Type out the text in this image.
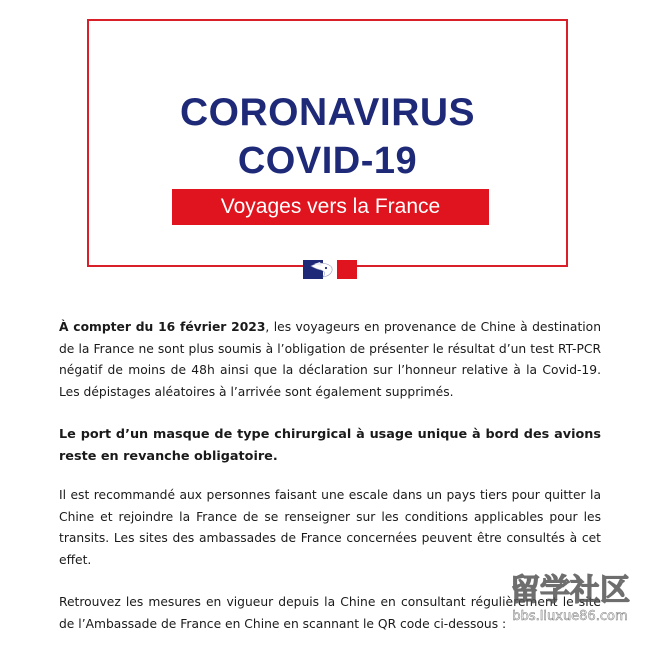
CORONAVIRUS
COVID-19
Voyages vers la France

À compter du 16 février 2023, les voyageurs en provenance de Chine à destination de la France ne sont plus soumis à l’obligation de présenter le résultat d’un test RT-PCR négatif de moins de 48h ainsi que la déclaration sur l’honneur relative à la Covid-19. Les dépistages aléatoires à l’arrivée sont également supprimés.

Le port d’un masque de type chirurgical à usage unique à bord des avions reste en revanche obligatoire.

Il est recommandé aux personnes faisant une escale dans un pays tiers pour quitter la Chine et rejoindre la France de se renseigner sur les conditions applicables pour les transits. Les sites des ambassades de France concernées peuvent être consultés à cet effet.

Retrouvez les mesures en vigueur depuis la Chine en consultant régulièrement le site de l’Ambassade de France en Chine en scannant le QR code ci-dessous :

留学社区
bbs.liuxue86.com
